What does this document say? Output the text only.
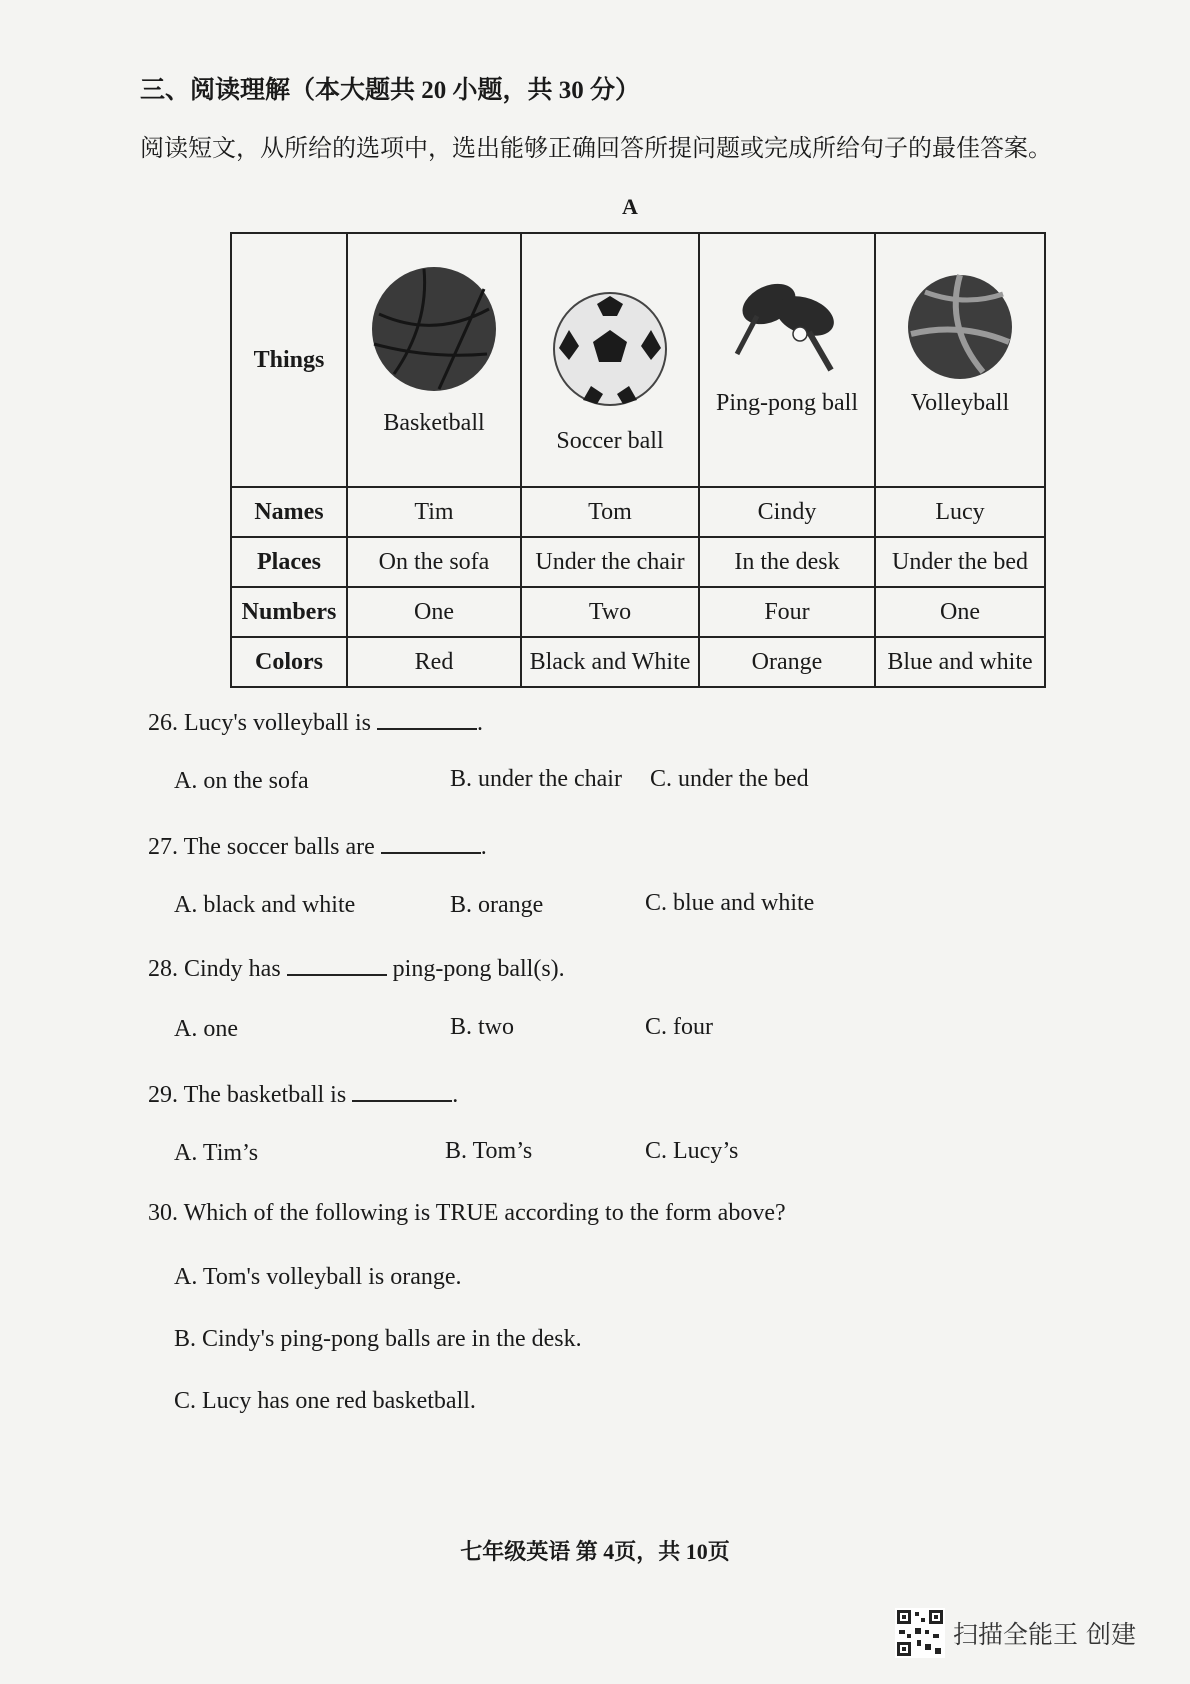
三、阅读理解（本大题共 20 小题，共 30 分）
阅读短文，从所给的选项中，选出能够正确回答所提问题或完成所给句子的最佳答案。
A
Things	Basketball	Soccer ball	Ping-pong ball	Volleyball

Names	Tim	Tom	Cindy	Lucy
Places	On the sofa	Under the chair	In the desk	Under the bed
Numbers	One	Two	Four	One
Colors	Red	Black and White	Orange	Blue and white
26. Lucy's volleyball is	.
A. on the sofa	B. under the chair C. under the bed
27. The soccer balls are	.
A. black and white	B. orange	C. blue and white
28. Cindy has	ping-pong ball(s).
A. one	B. two	C. four
29. The basketball is	.
A. Tim’s	B. Tom’s	C. Lucy’s
30. Which of the following is TRUE according to the form above?
A. Tom's volleyball is orange.
B. Cindy's ping-pong balls are in the desk.
C. Lucy has one red basketball.
七年级英语 第 4页，共 10页
扫描全能王 创建
